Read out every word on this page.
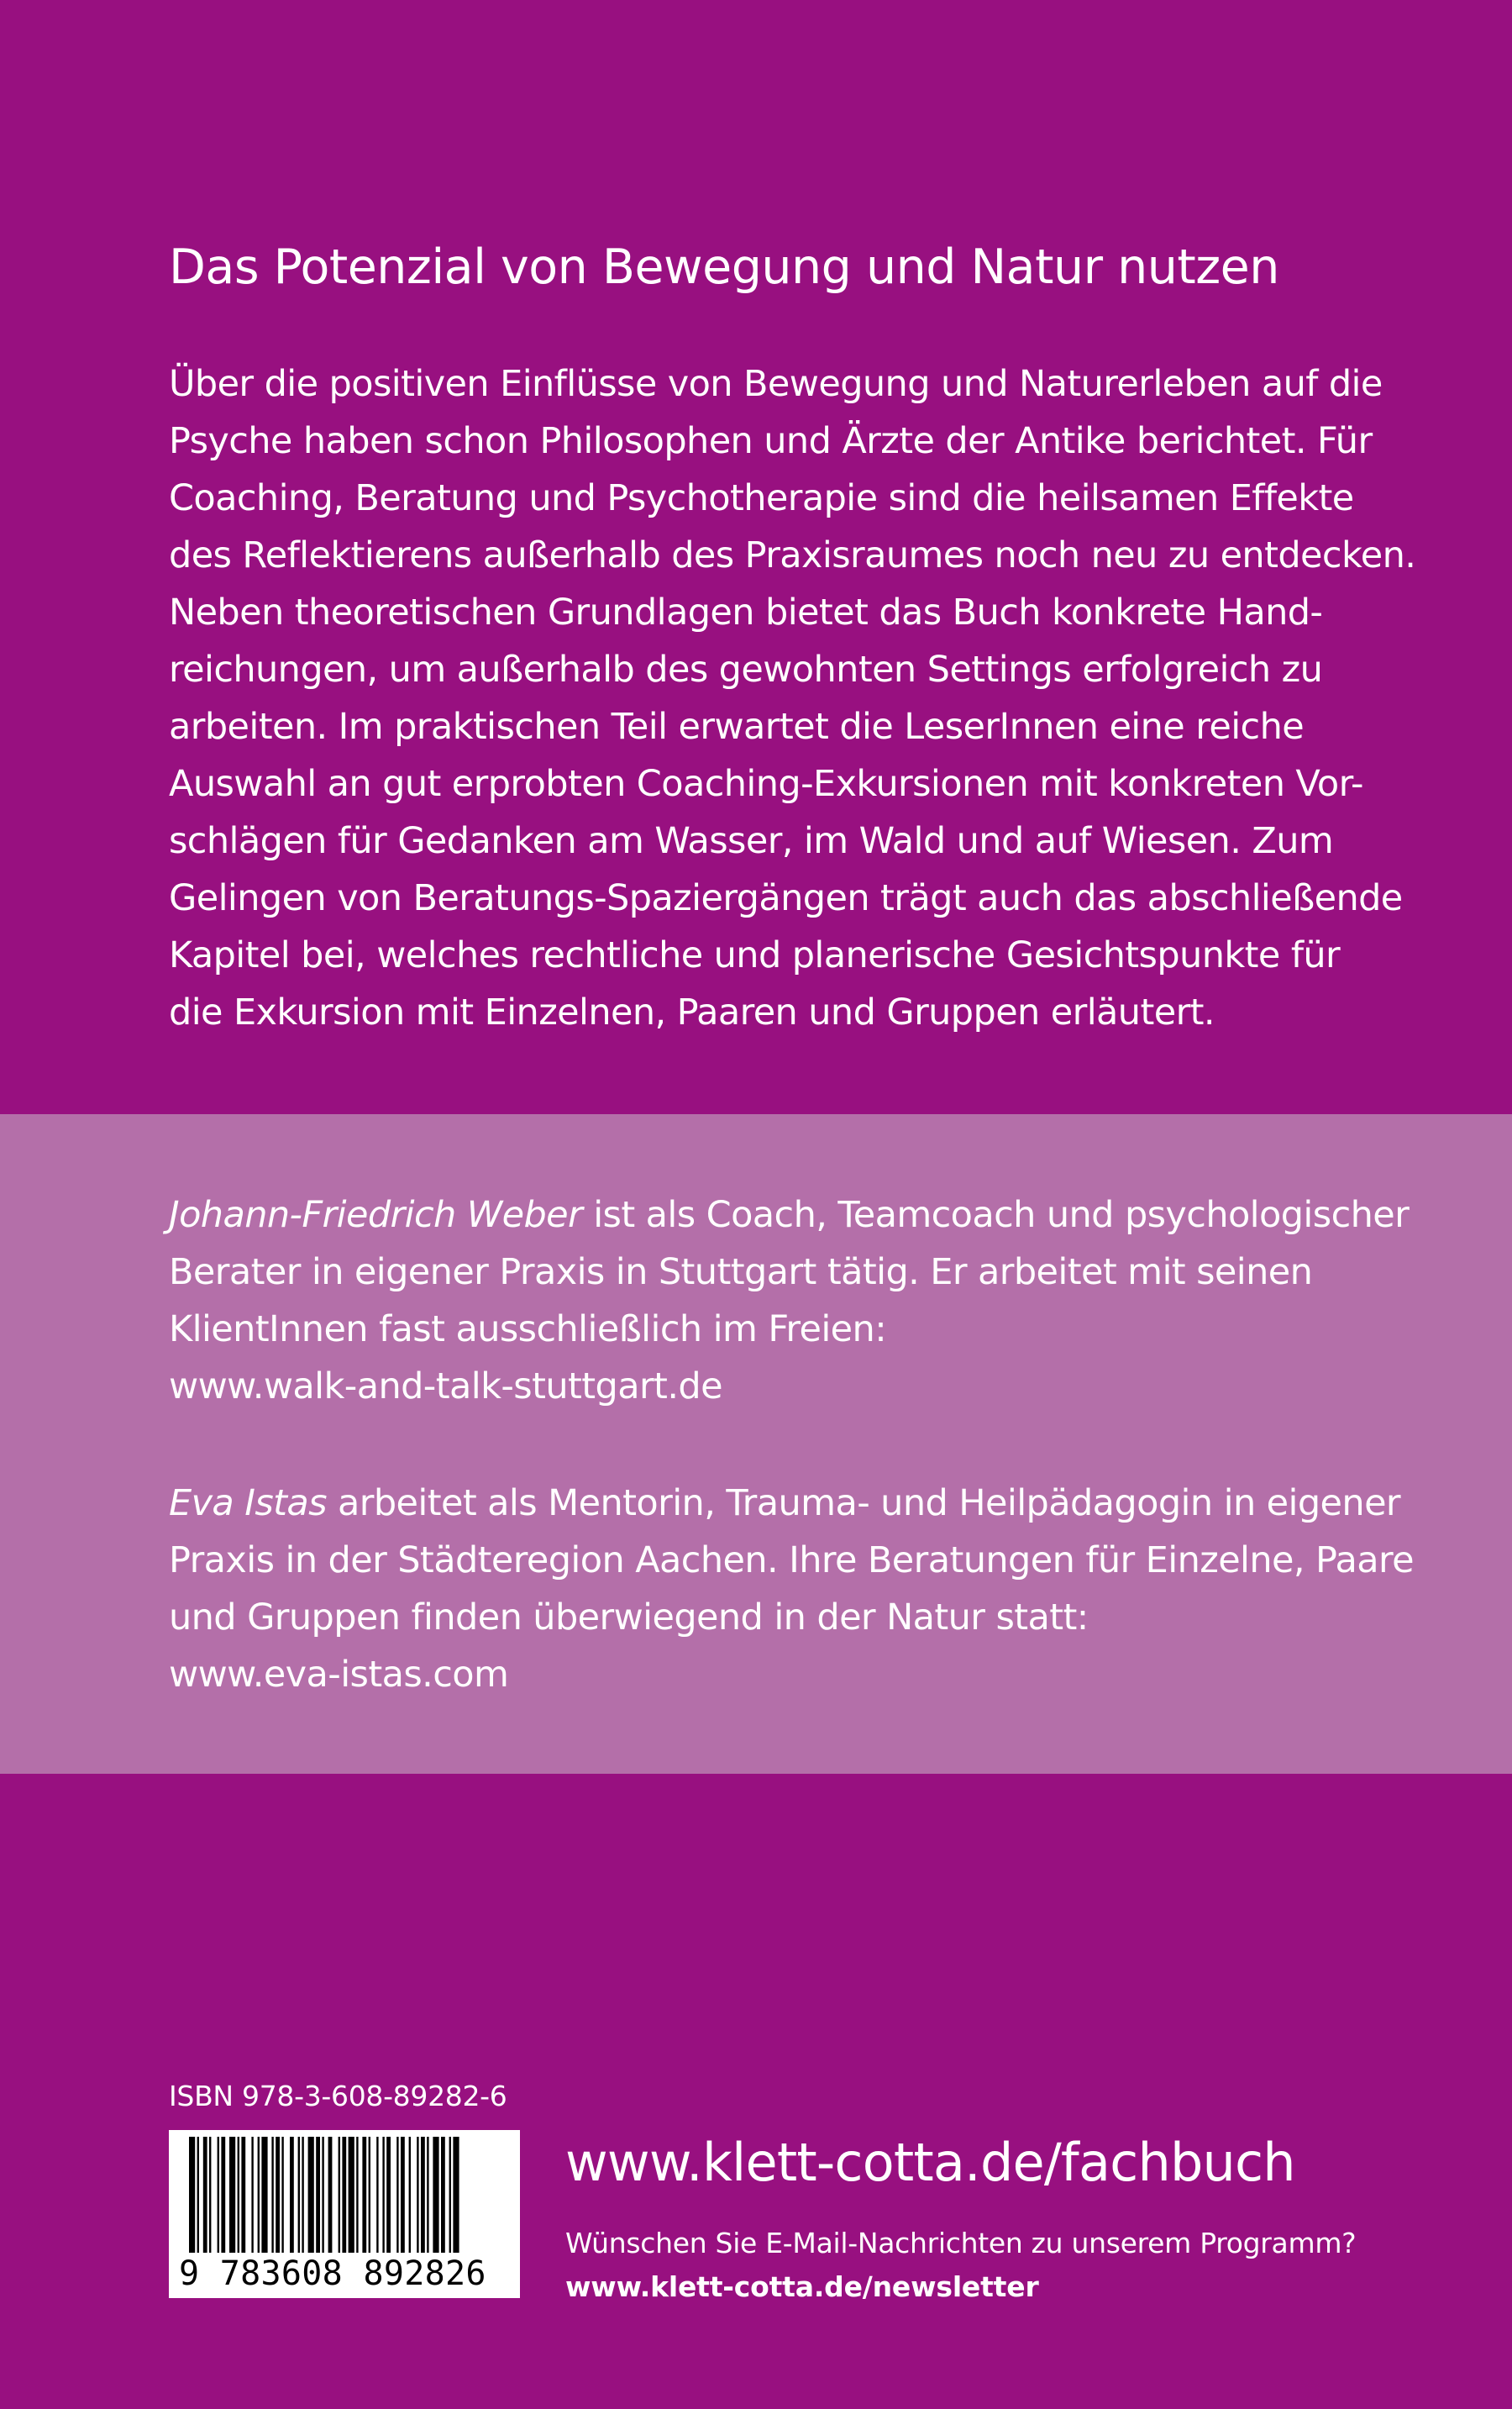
Das Potenzial von Bewegung und Natur nutzen
Über die positiven Einflüsse von Bewegung und Naturerleben auf die
Psyche haben schon Philosophen und Ärzte der Antike berichtet. Für
Coaching, Beratung und Psychotherapie sind die heilsamen Effekte
des Reflektierens außerhalb des Praxisraumes noch neu zu entdecken.
Neben theoretischen Grundlagen bietet das Buch konkrete Hand-
reichungen, um außerhalb des gewohnten Settings erfolgreich zu
arbeiten. Im praktischen Teil erwartet die LeserInnen eine reiche
Auswahl an gut erprobten Coaching-Exkursionen mit konkreten Vor-
schlägen für Gedanken am Wasser, im Wald und auf Wiesen. Zum
Gelingen von Beratungs-Spaziergängen trägt auch das abschließende
Kapitel bei, welches rechtliche und planerische Gesichtspunkte für
die Exkursion mit Einzelnen, Paaren und Gruppen erläutert.
Johann-Friedrich Weber ist als Coach, Teamcoach und psychologischer
Berater in eigener Praxis in Stuttgart tätig. Er arbeitet mit seinen
KlientInnen fast ausschließlich im Freien:
www.walk-and-talk-stuttgart.de
Eva Istas arbeitet als Mentorin, Trauma- und Heilpädagogin in eigener
Praxis in der Städteregion Aachen. Ihre Beratungen für Einzelne, Paare
und Gruppen finden überwiegend in der Natur statt:
www.eva-istas.com
ISBN 978-3-608-89282-6
9 783608 892826
www.klett-cotta.de/fachbuch
Wünschen Sie E-Mail-Nachrichten zu unserem Programm?
www.klett-cotta.de/newsletter
